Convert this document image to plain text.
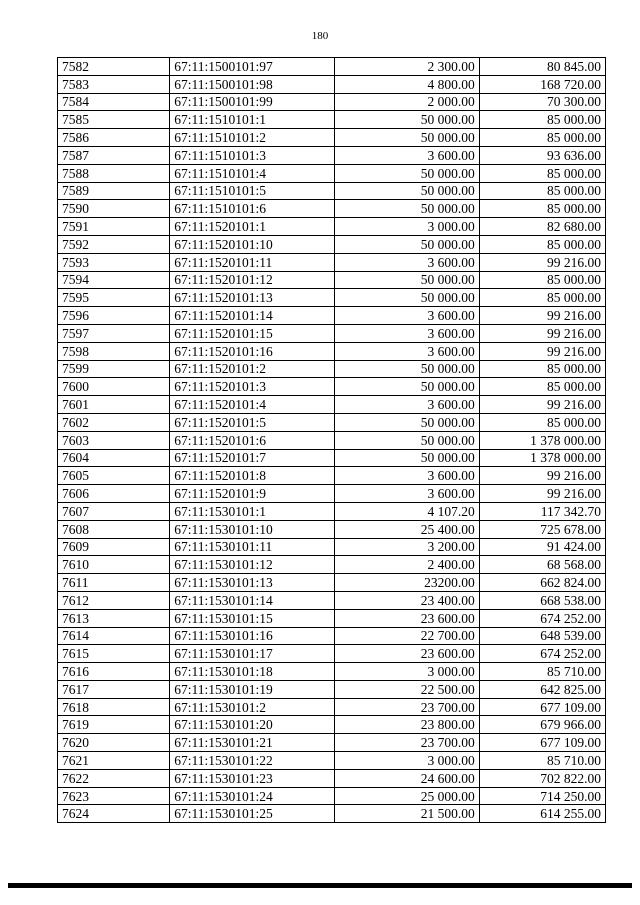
180
7582	67:11:1500101:97	2 300.00	80 845.00
7583	67:11:1500101:98	4 800.00	168 720.00
7584	67:11:1500101:99	2 000.00	70 300.00
7585	67:11:1510101:1	50 000.00	85 000.00
7586	67:11:1510101:2	50 000.00	85 000.00
7587	67:11:1510101:3	3 600.00	93 636.00
7588	67:11:1510101:4	50 000.00	85 000.00
7589	67:11:1510101:5	50 000.00	85 000.00
7590	67:11:1510101:6	50 000.00	85 000.00
7591	67:11:1520101:1	3 000.00	82 680.00
7592	67:11:1520101:10	50 000.00	85 000.00
7593	67:11:1520101:11	3 600.00	99 216.00
7594	67:11:1520101:12	50 000.00	85 000.00
7595	67:11:1520101:13	50 000.00	85 000.00
7596	67:11:1520101:14	3 600.00	99 216.00
7597	67:11:1520101:15	3 600.00	99 216.00
7598	67:11:1520101:16	3 600.00	99 216.00
7599	67:11:1520101:2	50 000.00	85 000.00
7600	67:11:1520101:3	50 000.00	85 000.00
7601	67:11:1520101:4	3 600.00	99 216.00
7602	67:11:1520101:5	50 000.00	85 000.00
7603	67:11:1520101:6	50 000.00	1 378 000.00
7604	67:11:1520101:7	50 000.00	1 378 000.00
7605	67:11:1520101:8	3 600.00	99 216.00
7606	67:11:1520101:9	3 600.00	99 216.00
7607	67:11:1530101:1	4 107.20	117 342.70
7608	67:11:1530101:10	25 400.00	725 678.00
7609	67:11:1530101:11	3 200.00	91 424.00
7610	67:11:1530101:12	2 400.00	68 568.00
7611	67:11:1530101:13	23200.00	662 824.00
7612	67:11:1530101:14	23 400.00	668 538.00
7613	67:11:1530101:15	23 600.00	674 252.00
7614	67:11:1530101:16	22 700.00	648 539.00
7615	67:11:1530101:17	23 600.00	674 252.00
7616	67:11:1530101:18	3 000.00	85 710.00
7617	67:11:1530101:19	22 500.00	642 825.00
7618	67:11:1530101:2	23 700.00	677 109.00
7619	67:11:1530101:20	23 800.00	679 966.00
7620	67:11:1530101:21	23 700.00	677 109.00
7621	67:11:1530101:22	3 000.00	85 710.00
7622	67:11:1530101:23	24 600.00	702 822.00
7623	67:11:1530101:24	25 000.00	714 250.00
7624	67:11:1530101:25	21 500.00	614 255.00
